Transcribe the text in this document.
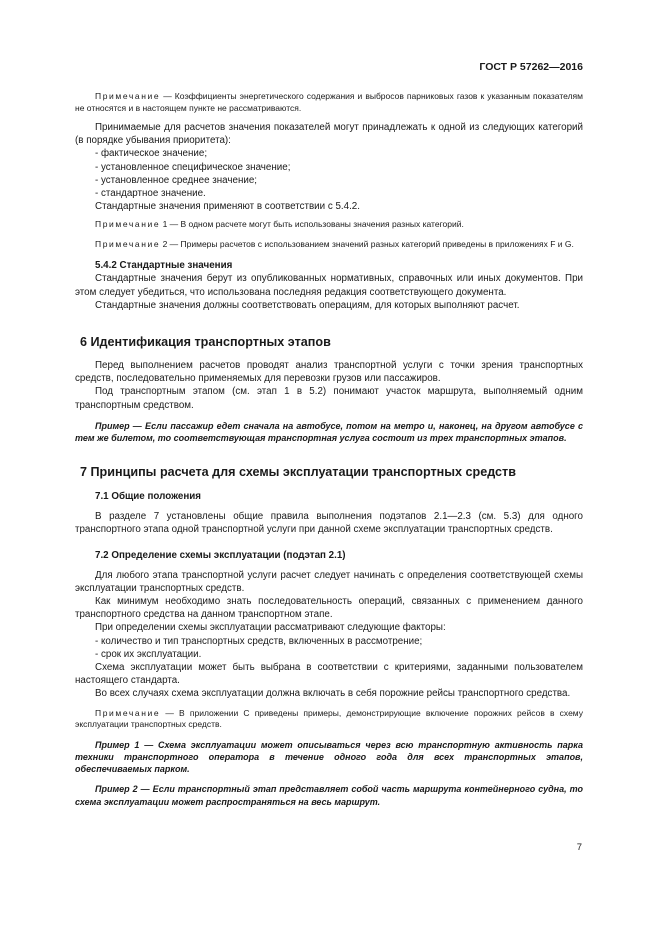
ГОСТ Р 57262—2016

Примечание — Коэффициенты энергетического содержания и выбросов парниковых газов к указанным показателям не относятся и в настоящем пункте не рассматриваются.

Принимаемые для расчетов значения показателей могут принадлежать к одной из следующих категорий (в порядке убывания приоритета):

- фактическое значение;
- установленное специфическое значение;
- установленное среднее значение;
- стандартное значение.

Стандартные значения применяют в соответствии с 5.4.2.

Примечание 1 — В одном расчете могут быть использованы значения разных категорий.

Примечание 2 — Примеры расчетов с использованием значений разных категорий приведены в приложениях F и G.

5.4.2 Стандартные значения

Стандартные значения берут из опубликованных нормативных, справочных или иных документов. При этом следует убедиться, что использована последняя редакция соответствующего документа.

Стандартные значения должны соответствовать операциям, для которых выполняют расчет.

6 Идентификация транспортных этапов

Перед выполнением расчетов проводят анализ транспортной услуги с точки зрения транспортных средств, последовательно применяемых для перевозки грузов или пассажиров.

Под транспортным этапом (см. этап 1 в 5.2) понимают участок маршрута, выполняемый одним транспортным средством.

Пример — Если пассажир едет сначала на автобусе, потом на метро и, наконец, на другом автобусе с тем же билетом, то соответствующая транспортная услуга состоит из трех транспортных этапов.

7 Принципы расчета для схемы эксплуатации транспортных средств
7.1 Общие положения

В разделе 7 установлены общие правила выполнения подэтапов 2.1—2.3 (см. 5.3) для одного транспортного этапа одной транспортной услуги при данной схеме эксплуатации транспортных средств.

7.2 Определение схемы эксплуатации (подэтап 2.1)

Для любого этапа транспортной услуги расчет следует начинать с определения соответствующей схемы эксплуатации транспортных средств.

Как минимум необходимо знать последовательность операций, связанных с применением данного транспортного средства на данном транспортном этапе.

При определении схемы эксплуатации рассматривают следующие факторы:

- количество и тип транспортных средств, включенных в рассмотрение;
- срок их эксплуатации.

Схема эксплуатации может быть выбрана в соответствии с критериями, заданными пользователем настоящего стандарта.

Во всех случаях схема эксплуатации должна включать в себя порожние рейсы транспортного средства.

Примечание — В приложении С приведены примеры, демонстрирующие включение порожних рейсов в схему эксплуатации транспортных средств.

Пример 1 — Схема эксплуатации может описываться через всю транспортную активность парка техники транспортного оператора в течение одного года для всех транспортных этапов, обеспечиваемых парком.

Пример 2 — Если транспортный этап представляет собой часть маршрута контейнерного судна, то схема эксплуатации может распространяться на весь маршрут.

7
